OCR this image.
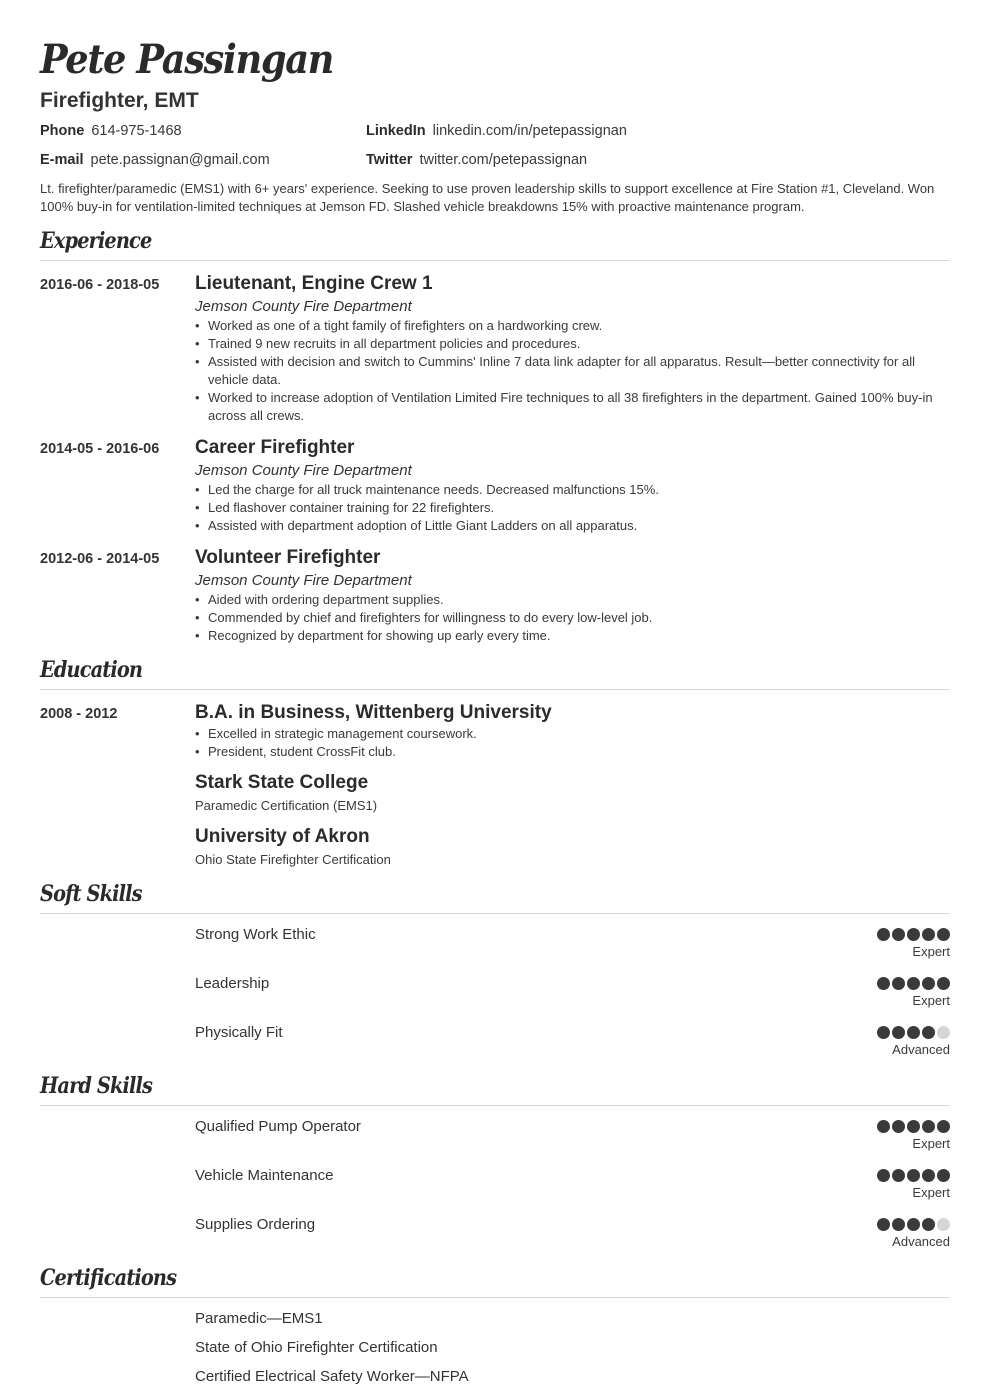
Pete Passingan
Firefighter, EMT
Phone 614-975-1468	LinkedIn linkedin.com/in/petepassignan
E-mail pete.passignan@gmail.com	Twitter twitter.com/petepassignan
Lt. firefighter/paramedic (EMS1) with 6+ years' experience. Seeking to use proven leadership skills to support excellence at Fire Station #1, Cleveland. Won 100% buy-in for ventilation-limited techniques at Jemson FD. Slashed vehicle breakdowns 15% with proactive maintenance program.
Experience
2016-06 - 2018-05	Lieutenant, Engine Crew 1
Jemson County Fire Department
• Worked as one of a tight family of firefighters on a hardworking crew.
• Trained 9 new recruits in all department policies and procedures.
• Assisted with decision and switch to Cummins' Inline 7 data link adapter for all apparatus. Result—better connectivity for all vehicle data.
• Worked to increase adoption of Ventilation Limited Fire techniques to all 38 firefighters in the department. Gained 100% buy-in across all crews.
2014-05 - 2016-06	Career Firefighter
Jemson County Fire Department
• Led the charge for all truck maintenance needs. Decreased malfunctions 15%.
• Led flashover container training for 22 firefighters.
• Assisted with department adoption of Little Giant Ladders on all apparatus.
2012-06 - 2014-05	Volunteer Firefighter
Jemson County Fire Department
• Aided with ordering department supplies.
• Commended by chief and firefighters for willingness to do every low-level job.
• Recognized by department for showing up early every time.
Education
2008 - 2012	B.A. in Business, Wittenberg University
• Excelled in strategic management coursework.
• President, student CrossFit club.
Stark State College
Paramedic Certification (EMS1)
University of Akron
Ohio State Firefighter Certification
Soft Skills
Strong Work Ethic
Expert
Leadership
Expert
Physically Fit
Advanced
Hard Skills
Qualified Pump Operator
Expert
Vehicle Maintenance
Expert
Supplies Ordering
Advanced
Certifications
Paramedic—EMS1
State of Ohio Firefighter Certification
Certified Electrical Safety Worker—NFPA
